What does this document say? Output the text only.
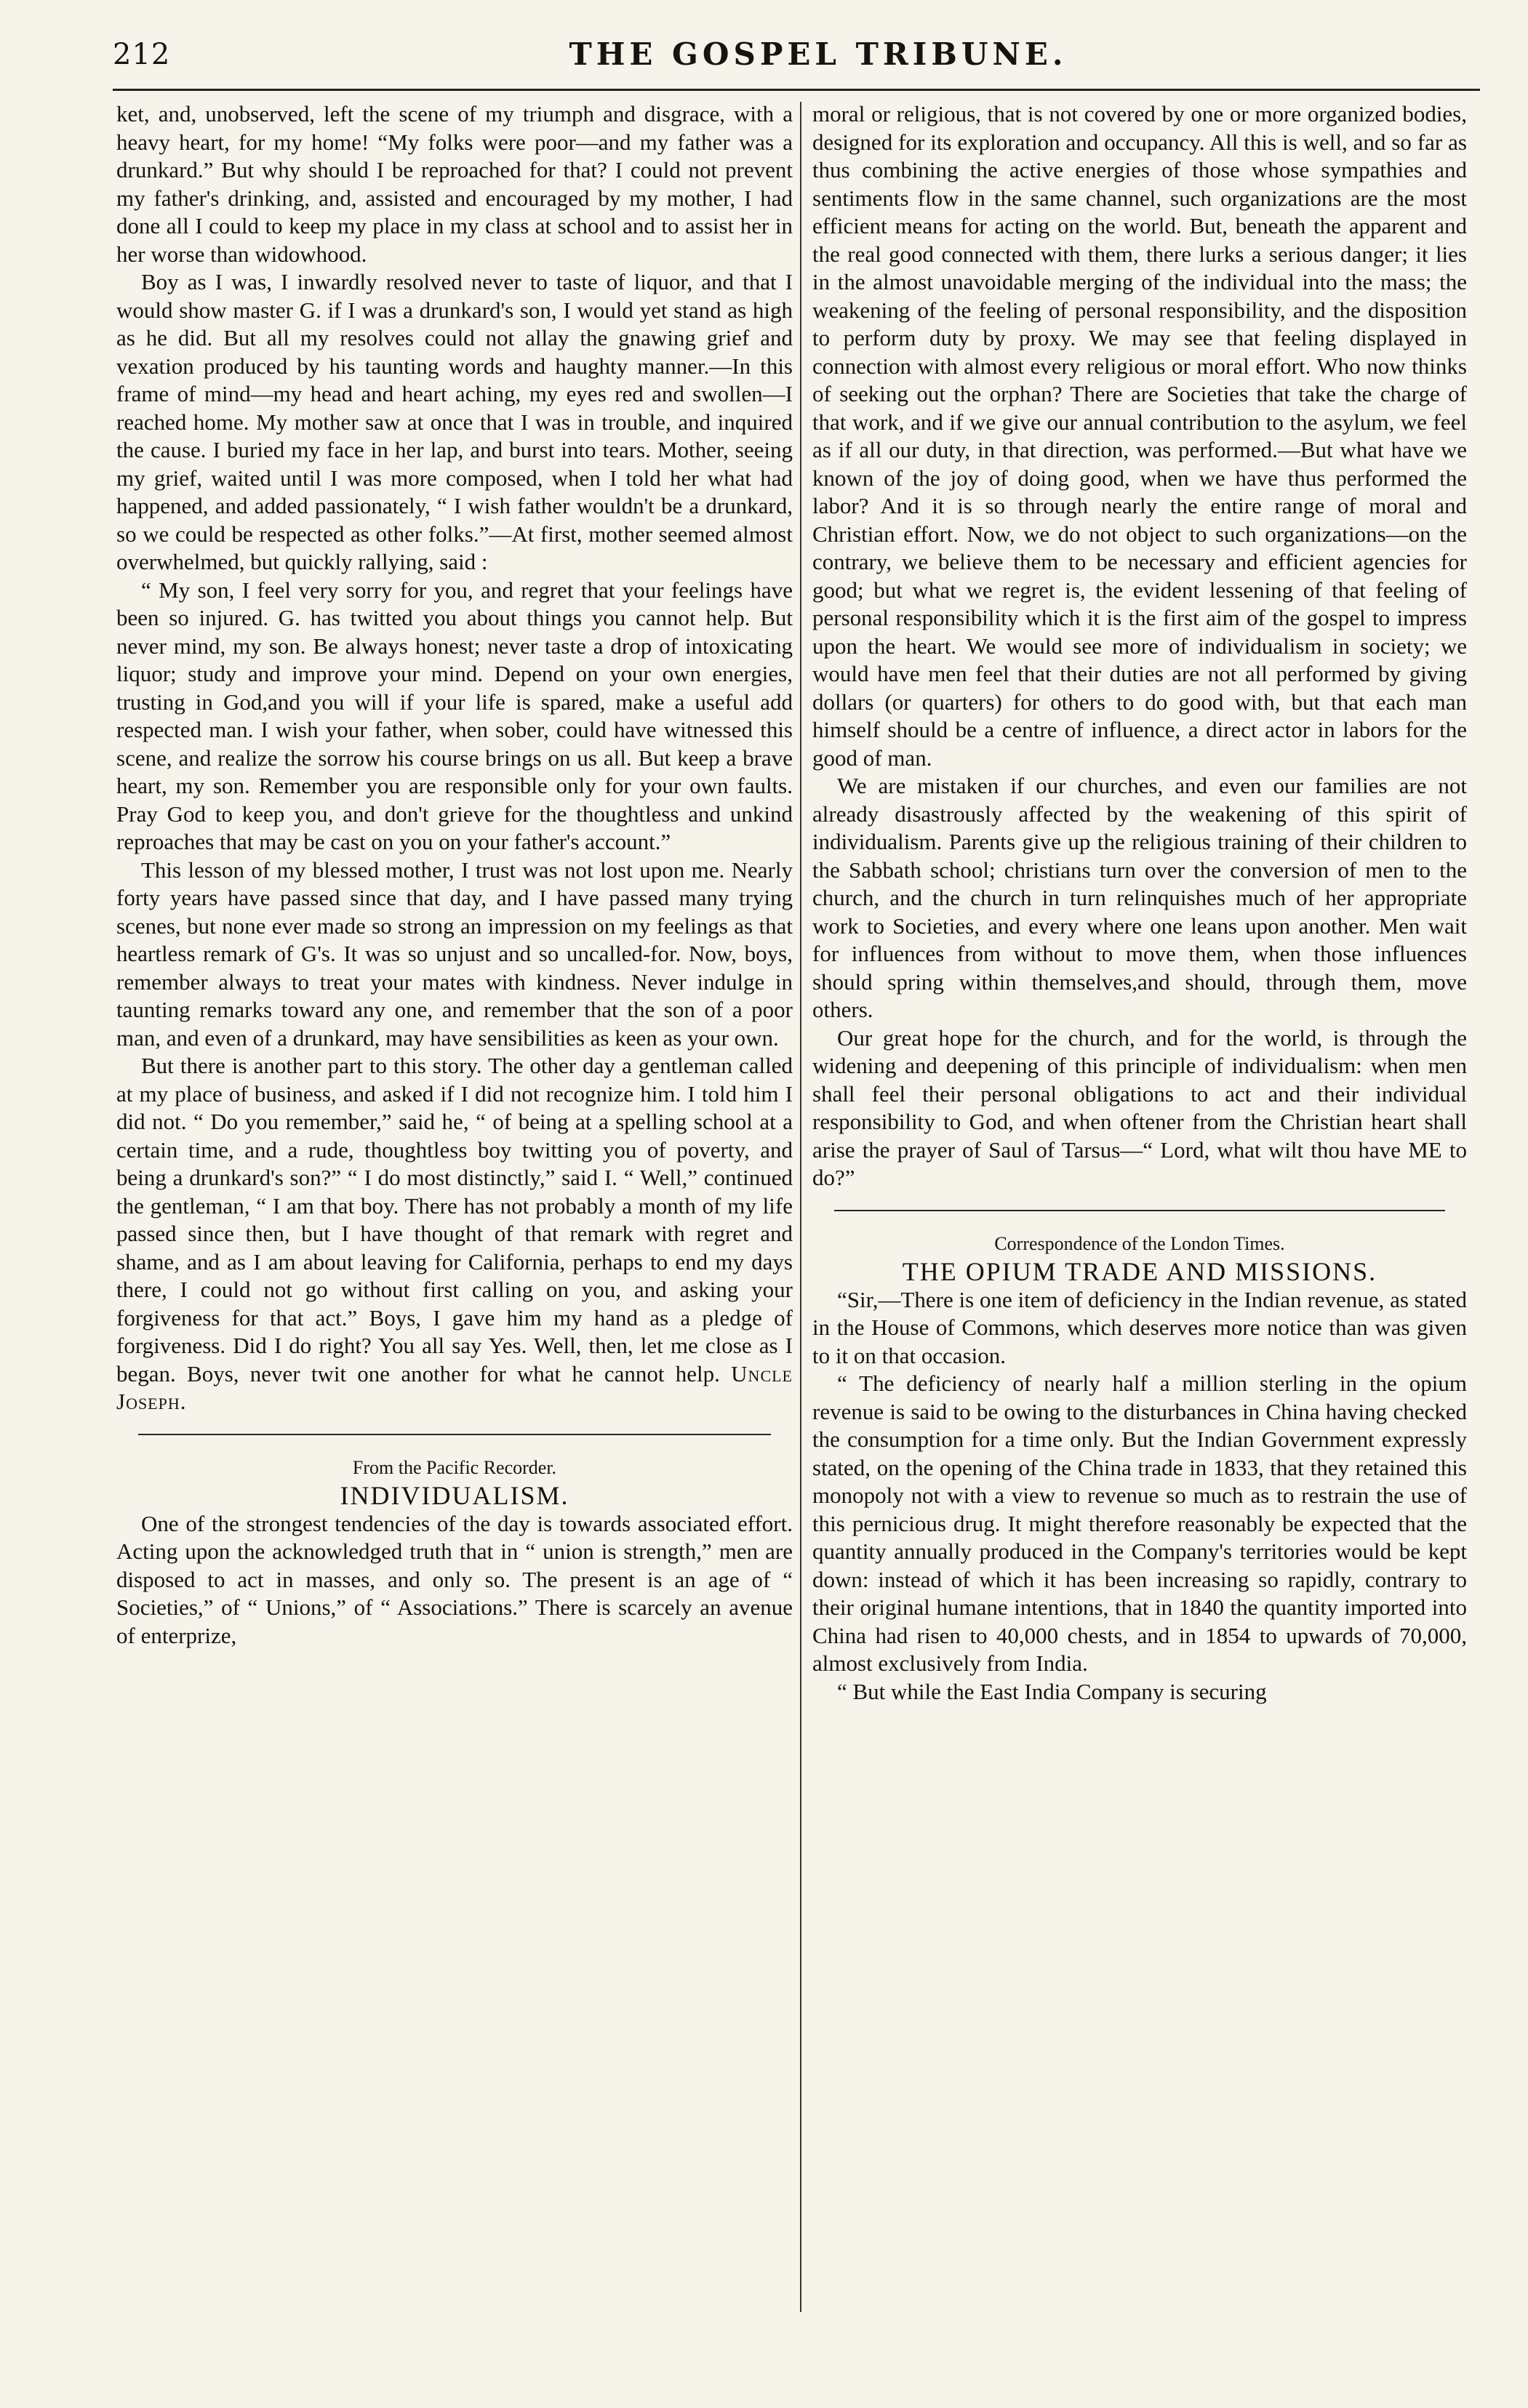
212	THE GOSPEL TRIBUNE.

ket, and, unobserved, left the scene of my triumph and disgrace, with a heavy heart, for my home! “My folks were poor—and my father was a drunkard.” But why should I be reproached for that? I could not prevent my father's drinking, and, assisted and encouraged by my mother, I had done all I could to keep my place in my class at school and to assist her in her worse than widowhood.

Boy as I was, I inwardly resolved never to taste of liquor, and that I would show master G. if I was a drunkard's son, I would yet stand as high as he did. But all my resolves could not allay the gnawing grief and vexation produced by his taunting words and haughty manner.—In this frame of mind—my head and heart aching, my eyes red and swollen—I reached home. My mother saw at once that I was in trouble, and inquired the cause. I buried my face in her lap, and burst into tears. Mother, seeing my grief, waited until I was more composed, when I told her what had happened, and added passionately, “ I wish father wouldn't be a drunkard, so we could be respected as other folks.”—At first, mother seemed almost overwhelmed, but quickly rallying, said :

“ My son, I feel very sorry for you, and regret that your feelings have been so injured. G. has twitted you about things you cannot help. But never mind, my son. Be always honest; never taste a drop of intoxicating liquor; study and improve your mind. Depend on your own energies, trusting in God,and you will if your life is spared, make a useful add respected man. I wish your father, when sober, could have witnessed this scene, and realize the sorrow his course brings on us all. But keep a brave heart, my son. Remember you are responsible only for your own faults. Pray God to keep you, and don't grieve for the thoughtless and unkind reproaches that may be cast on you on your father's account.”

This lesson of my blessed mother, I trust was not lost upon me. Nearly forty years have passed since that day, and I have passed many trying scenes, but none ever made so strong an impression on my feelings as that heartless remark of G's. It was so unjust and so uncalled-for. Now, boys, remember always to treat your mates with kindness. Never indulge in taunting remarks toward any one, and remember that the son of a poor man, and even of a drunkard, may have sensibilities as keen as your own.

But there is another part to this story. The other day a gentleman called at my place of business, and asked if I did not recognize him. I told him I did not. “ Do you remember,” said he, “ of being at a spelling school at a certain time, and a rude, thoughtless boy twitting you of poverty, and being a drunkard's son?” “ I do most distinctly,” said I. “ Well,” continued the gentleman, “ I am that boy. There has not probably a month of my life passed since then, but I have thought of that remark with regret and shame, and as I am about leaving for California, perhaps to end my days there, I could not go without first calling on you, and asking your forgiveness for that act.” Boys, I gave him my hand as a pledge of forgiveness. Did I do right? You all say Yes. Well, then, let me close as I began. Boys, never twit one another for what he cannot help. Uncle Joseph.

From the Pacific Recorder.

INDIVIDUALISM.

One of the strongest tendencies of the day is towards associated effort. Acting upon the acknowledged truth that in “ union is strength,” men are disposed to act in masses, and only so. The present is an age of “ Societies,” of “ Unions,” of “ Associations.” There is scarcely an avenue of enterprize,

moral or religious, that is not covered by one or more organized bodies, designed for its exploration and occupancy. All this is well, and so far as thus combining the active energies of those whose sympathies and sentiments flow in the same channel, such organizations are the most efficient means for acting on the world. But, beneath the apparent and the real good connected with them, there lurks a serious danger; it lies in the almost unavoidable merging of the individual into the mass; the weakening of the feeling of personal responsibility, and the disposition to perform duty by proxy. We may see that feeling displayed in connection with almost every religious or moral effort. Who now thinks of seeking out the orphan? There are Societies that take the charge of that work, and if we give our annual contribution to the asylum, we feel as if all our duty, in that direction, was performed.—But what have we known of the joy of doing good, when we have thus performed the labor? And it is so through nearly the entire range of moral and Christian effort. Now, we do not object to such organizations—on the contrary, we believe them to be necessary and efficient agencies for good; but what we regret is, the evident lessening of that feeling of personal responsibility which it is the first aim of the gospel to impress upon the heart. We would see more of individualism in society; we would have men feel that their duties are not all performed by giving dollars (or quarters) for others to do good with, but that each man himself should be a centre of influence, a direct actor in labors for the good of man.

We are mistaken if our churches, and even our families are not already disastrously affected by the weakening of this spirit of individualism. Parents give up the religious training of their children to the Sabbath school; christians turn over the conversion of men to the church, and the church in turn relinquishes much of her appropriate work to Societies, and every where one leans upon another. Men wait for influences from without to move them, when those influences should spring within themselves,and should, through them, move others.

Our great hope for the church, and for the world, is through the widening and deepening of this principle of individualism: when men shall feel their personal obligations to act and their individual responsibility to God, and when oftener from the Christian heart shall arise the prayer of Saul of Tarsus—“ Lord, what wilt thou have ME to do?”

Correspondence of the London Times.

THE OPIUM TRADE AND MISSIONS.

“Sir,—There is one item of deficiency in the Indian revenue, as stated in the House of Commons, which deserves more notice than was given to it on that occasion.

“ The deficiency of nearly half a million sterling in the opium revenue is said to be owing to the disturbances in China having checked the consumption for a time only. But the Indian Government expressly stated, on the opening of the China trade in 1833, that they retained this monopoly not with a view to revenue so much as to restrain the use of this pernicious drug. It might therefore reasonably be expected that the quantity annually produced in the Company's territories would be kept down: instead of which it has been increasing so rapidly, contrary to their original humane intentions, that in 1840 the quantity imported into China had risen to 40,000 chests, and in 1854 to upwards of 70,000, almost exclusively from India.

“ But while the East India Company is securing
